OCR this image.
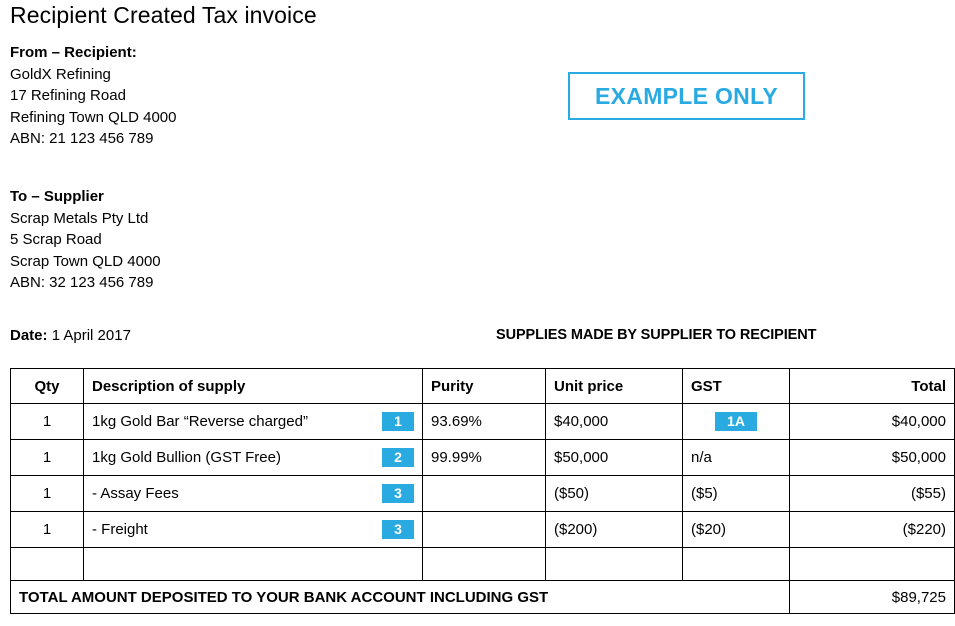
Recipient Created Tax invoice
EXAMPLE ONLY
From – Recipient:
GoldX Refining
17 Refining Road
Refining Town QLD 4000
ABN: 21 123 456 789
To – Supplier
Scrap Metals Pty Ltd
5 Scrap Road
Scrap Town QLD 4000
ABN: 32 123 456 789
Date: 1 April 2017	SUPPLIES MADE BY SUPPLIER TO RECIPIENT
Qty	Description of supply	Purity	Unit price	GST	Total
1	1kg Gold Bar “Reverse charged” 1	93.69%	$40,000	1A	$40,000
1	1kg Gold Bullion (GST Free) 2	99.99%	$50,000	n/a	$50,000
1	- Assay Fees 3		($50)	($5)	($55)
1	- Freight 3		($200)	($20)	($220)

TOTAL AMOUNT DEPOSITED TO YOUR BANK ACCOUNT INCLUDING GST					$89,725
